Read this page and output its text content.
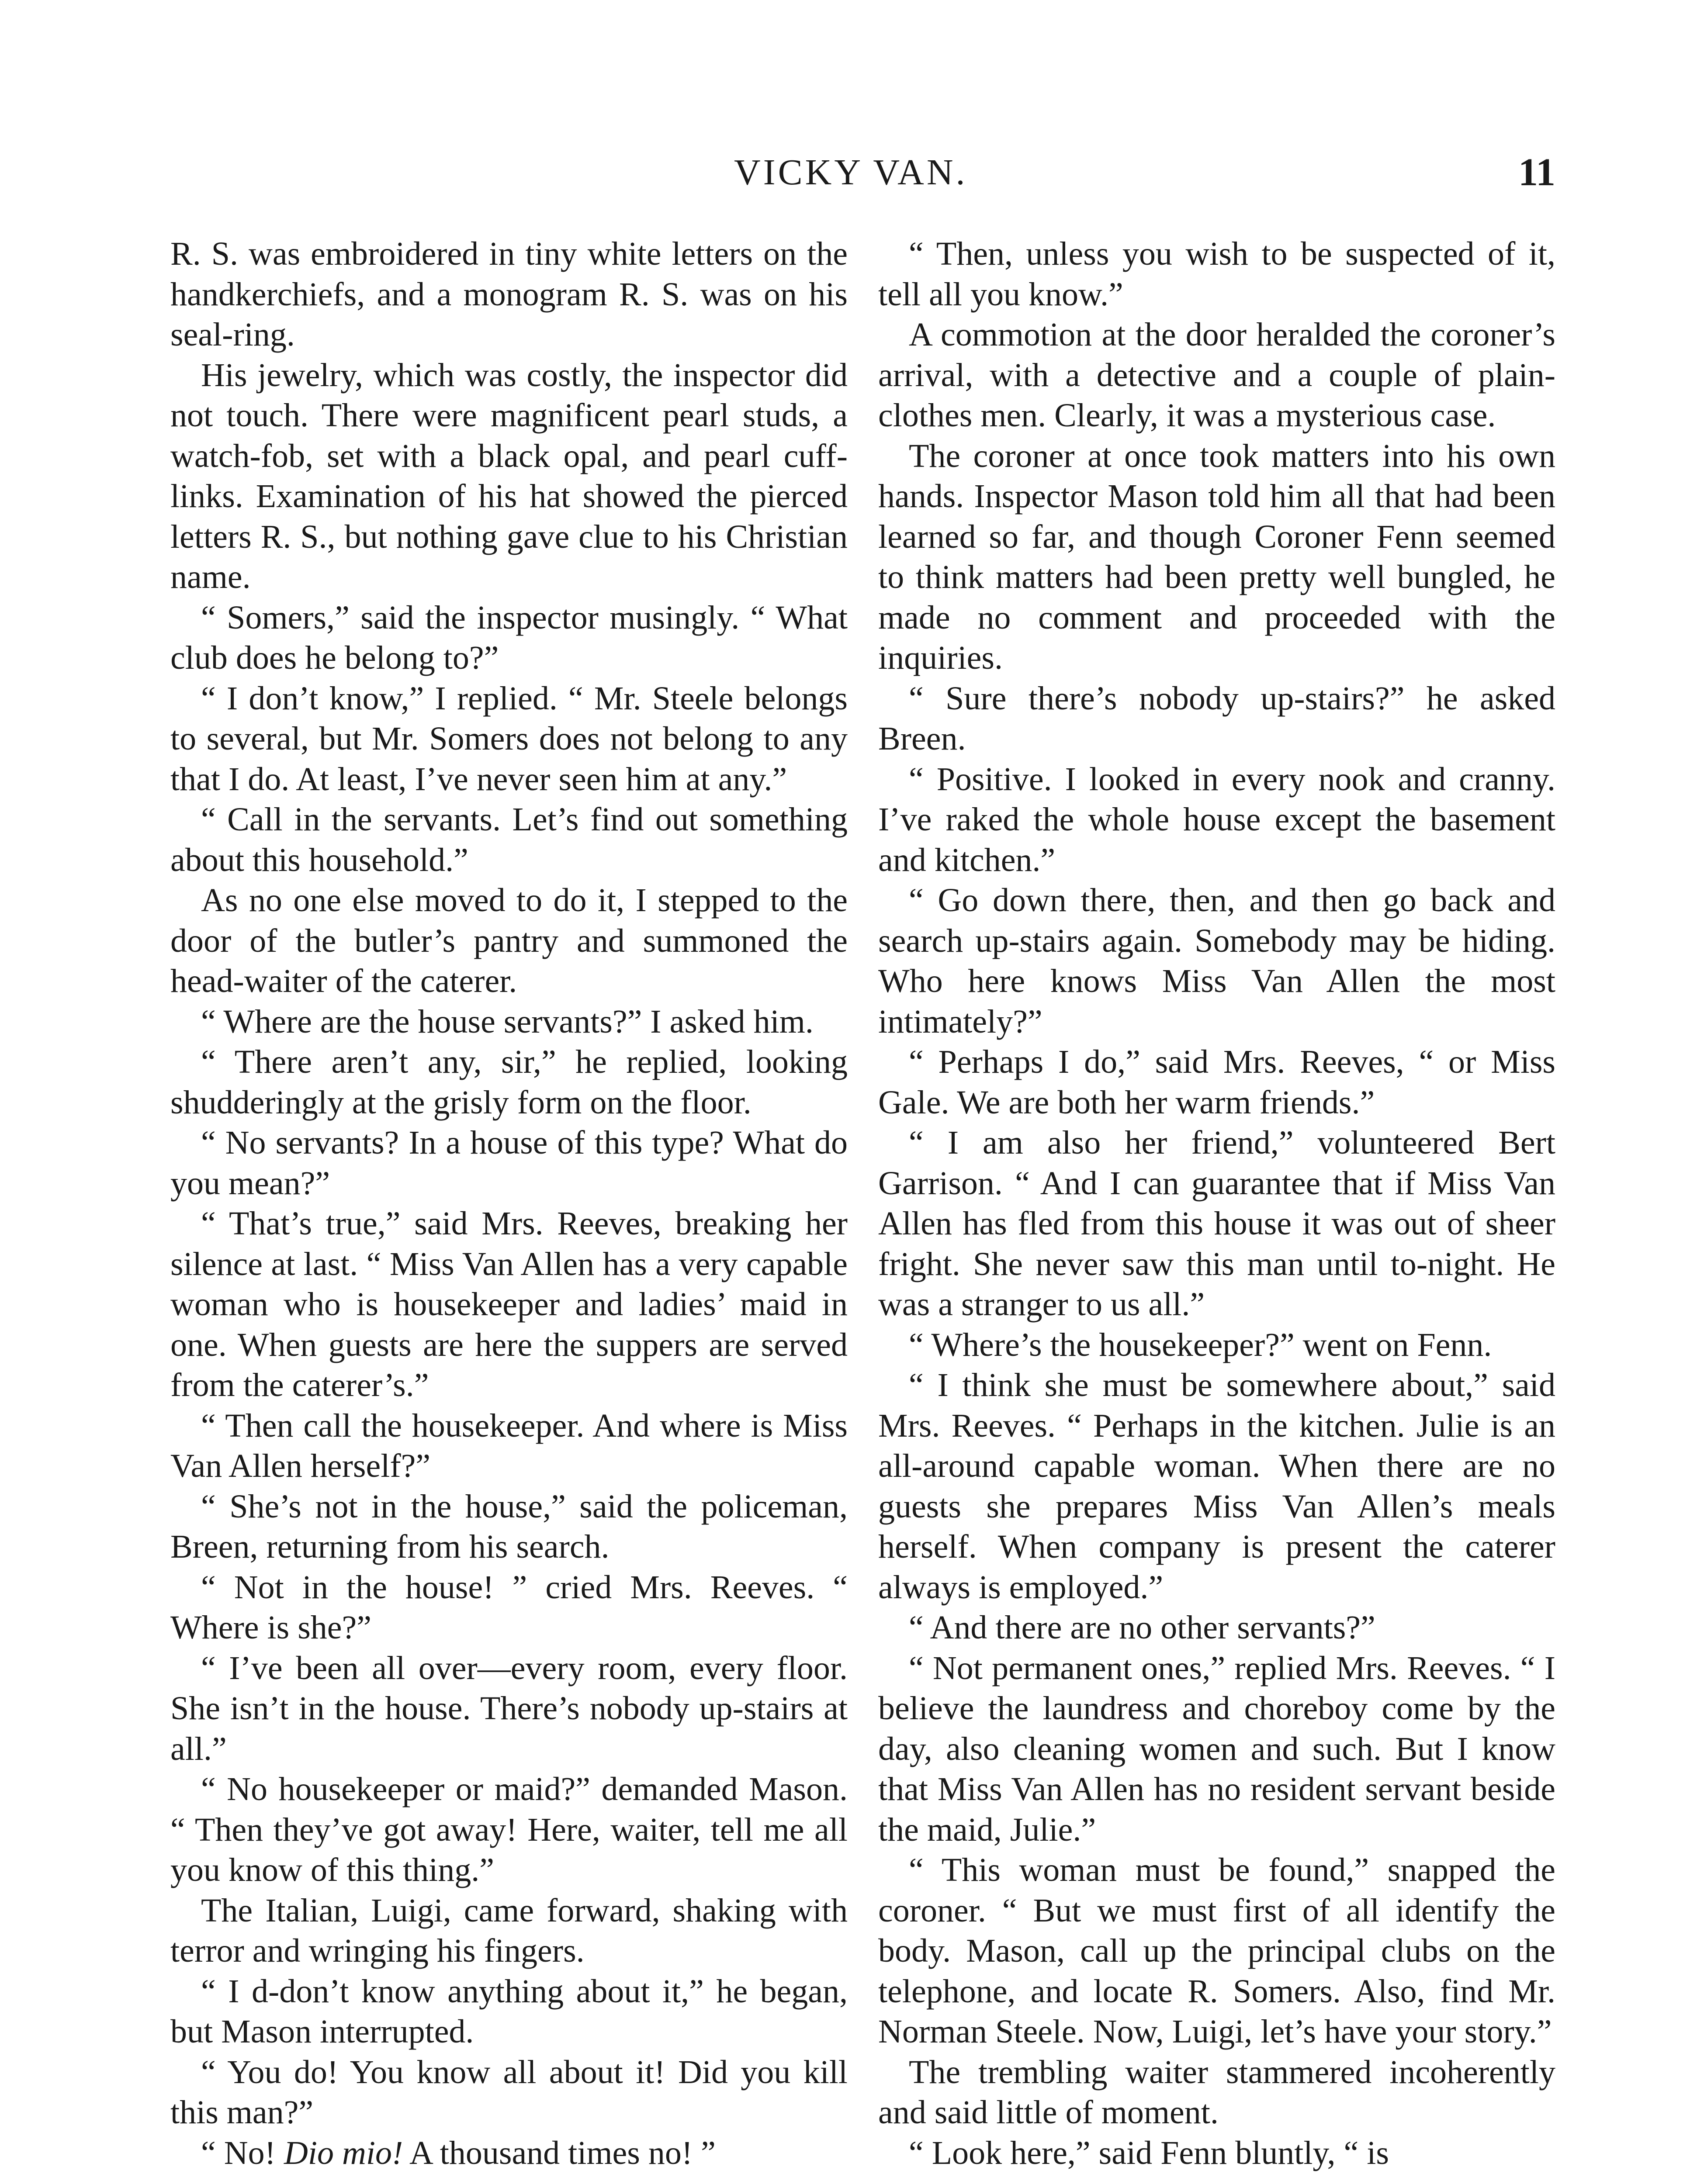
VICKY VAN.	11

R. S. was embroidered in tiny white letters on the handkerchiefs, and a monogram R. S. was on his seal-ring.

His jewelry, which was costly, the inspector did not touch. There were magnificent pearl studs, a watch-fob, set with a black opal, and pearl cuff-links. Examination of his hat showed the pierced letters R. S., but nothing gave clue to his Christian name.

“ Somers,” said the inspector musingly. “ What club does he belong to?”

“ I don’t know,” I replied. “ Mr. Steele belongs to several, but Mr. Somers does not belong to any that I do. At least, I’ve never seen him at any.”

“ Call in the servants. Let’s find out something about this household.”

As no one else moved to do it, I stepped to the door of the butler’s pantry and summoned the head-waiter of the caterer.

“ Where are the house servants?” I asked him.

“ There aren’t any, sir,” he replied, looking shudderingly at the grisly form on the floor.

“ No servants? In a house of this type? What do you mean?”

“ That’s true,” said Mrs. Reeves, breaking her silence at last. “ Miss Van Allen has a very capable woman who is housekeeper and ladies’ maid in one. When guests are here the suppers are served from the caterer’s.”

“ Then call the housekeeper. And where is Miss Van Allen herself?”

“ She’s not in the house,” said the policeman, Breen, returning from his search.

“ Not in the house! ” cried Mrs. Reeves. “ Where is she?”

“ I’ve been all over—every room, every floor. She isn’t in the house. There’s nobody up-stairs at all.”

“ No housekeeper or maid?” demanded Mason. “ Then they’ve got away! Here, waiter, tell me all you know of this thing.”

The Italian, Luigi, came forward, shaking with terror and wringing his fingers.

“ I d-don’t know anything about it,” he began, but Mason interrupted.

“ You do! You know all about it! Did you kill this man?”

“ No! Dio mio! A thousand times no! ”

“ Then, unless you wish to be suspected of it, tell all you know.”

A commotion at the door heralded the coroner’s arrival, with a detective and a couple of plain-clothes men. Clearly, it was a mysterious case.

The coroner at once took matters into his own hands. Inspector Mason told him all that had been learned so far, and though Coroner Fenn seemed to think matters had been pretty well bungled, he made no comment and proceeded with the inquiries.

“ Sure there’s nobody up-stairs?” he asked Breen.

“ Positive. I looked in every nook and cranny. I’ve raked the whole house except the basement and kitchen.”

“ Go down there, then, and then go back and search up-stairs again. Somebody may be hiding. Who here knows Miss Van Allen the most intimately?”

“ Perhaps I do,” said Mrs. Reeves, “ or Miss Gale. We are both her warm friends.”

“ I am also her friend,” volunteered Bert Garrison. “ And I can guarantee that if Miss Van Allen has fled from this house it was out of sheer fright. She never saw this man until to-night. He was a stranger to us all.”

“ Where’s the housekeeper?” went on Fenn.

“ I think she must be somewhere about,” said Mrs. Reeves. “ Perhaps in the kitchen. Julie is an all-around capable woman. When there are no guests she prepares Miss Van Allen’s meals herself. When company is present the caterer always is employed.”

“ And there are no other servants?”

“ Not permanent ones,” replied Mrs. Reeves. “ I believe the laundress and choreboy come by the day, also cleaning women and such. But I know that Miss Van Allen has no resident servant beside the maid, Julie.”

“ This woman must be found,” snapped the coroner. “ But we must first of all identify the body. Mason, call up the principal clubs on the telephone, and locate R. Somers. Also, find Mr. Norman Steele. Now, Luigi, let’s have your story.”

The trembling waiter stammered incoherently and said little of moment.

“ Look here,” said Fenn bluntly, “ is
